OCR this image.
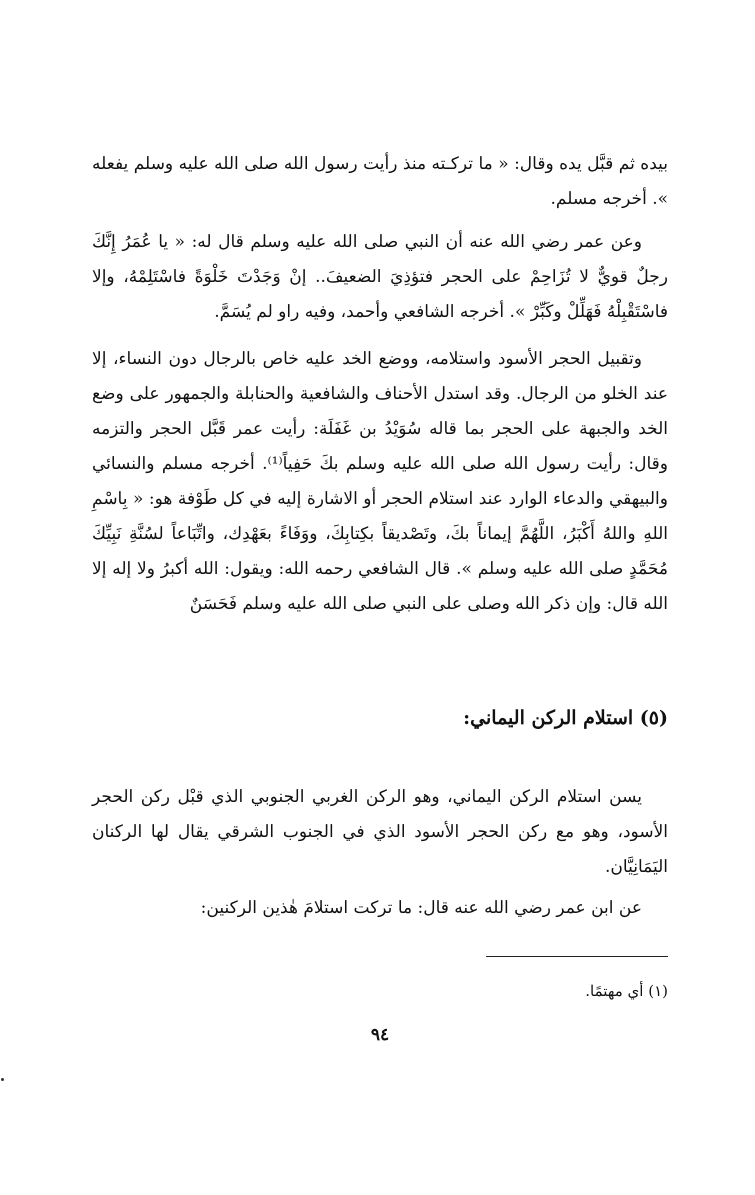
بيده ثم قبَّل يده وقال: « ما تركـته منذ رأيت رسول الله صلى الله عليه وسلم يفعله ». أخرجه مسلم.

وعن عمر رضي الله عنه أن النبي صلى الله عليه وسلم قال له: « يا عُمَرُ إِنَّكَ رجلٌ قويٌّ لا تُزَاحِمْ على الحجر فتؤذِيَ الضعيفَ.. إنْ وَجَدْتَ خَلْوَةً فاسْتَلِمْهُ، وإلا فاسْتَقْبِلْهُ فَهَلِّلْ وكَبِّرْ ». أخرجه الشافعي وأحمد، وفيه راو لم يُسَمَّ.

وتقبيل الحجر الأسود واستلامه، ووضع الخد عليه خاص بالرجال دون النساء، إلا عند الخلو من الرجال. وقد استدل الأحناف والشافعية والحنابلة والجمهور على وضع الخد والجبهة على الحجر بما قاله سُوَيْدُ بن غَفَلَة: رأيت عمر قَبَّل الحجر والتزمه وقال: رأيت رسول الله صلى الله عليه وسلم بكَ حَفِياً⁽¹⁾. أخرجه مسلم والنسائي والبيهقي والدعاء الوارد عند استلام الحجر أو الاشارة إليه في كل طَوْفة هو: « بِاسْمِ اللهِ واللهُ أَكْبَرُ، اللَّهُمَّ إيماناً بكَ، وتَصْديقاً بكِتابِكَ، ووَفَاءً بعَهْدِك، واتِّبَاعاً لسُنَّةِ نَبِيِّكَ مُحَمَّدٍ صلى الله عليه وسلم ». قال الشافعي رحمه الله: ويقول: الله أكبرُ ولا إله إلا الله قال: وإن ذكر الله وصلى على النبي صلى الله عليه وسلم فَحَسَنٌ

(٥) استلام الركن اليماني:

يسن استلام الركن اليماني، وهو الركن الغربي الجنوبي الذي قبْل ركن الحجر الأسود، وهو مع ركن الحجر الأسود الذي في الجنوب الشرقي يقال لها الركنان اليَمَانِيَّان.

عن ابن عمر رضي الله عنه قال: ما تركت استلامَ هٰذين الركنين:

(١) أي مهتمًا.

٩٤
